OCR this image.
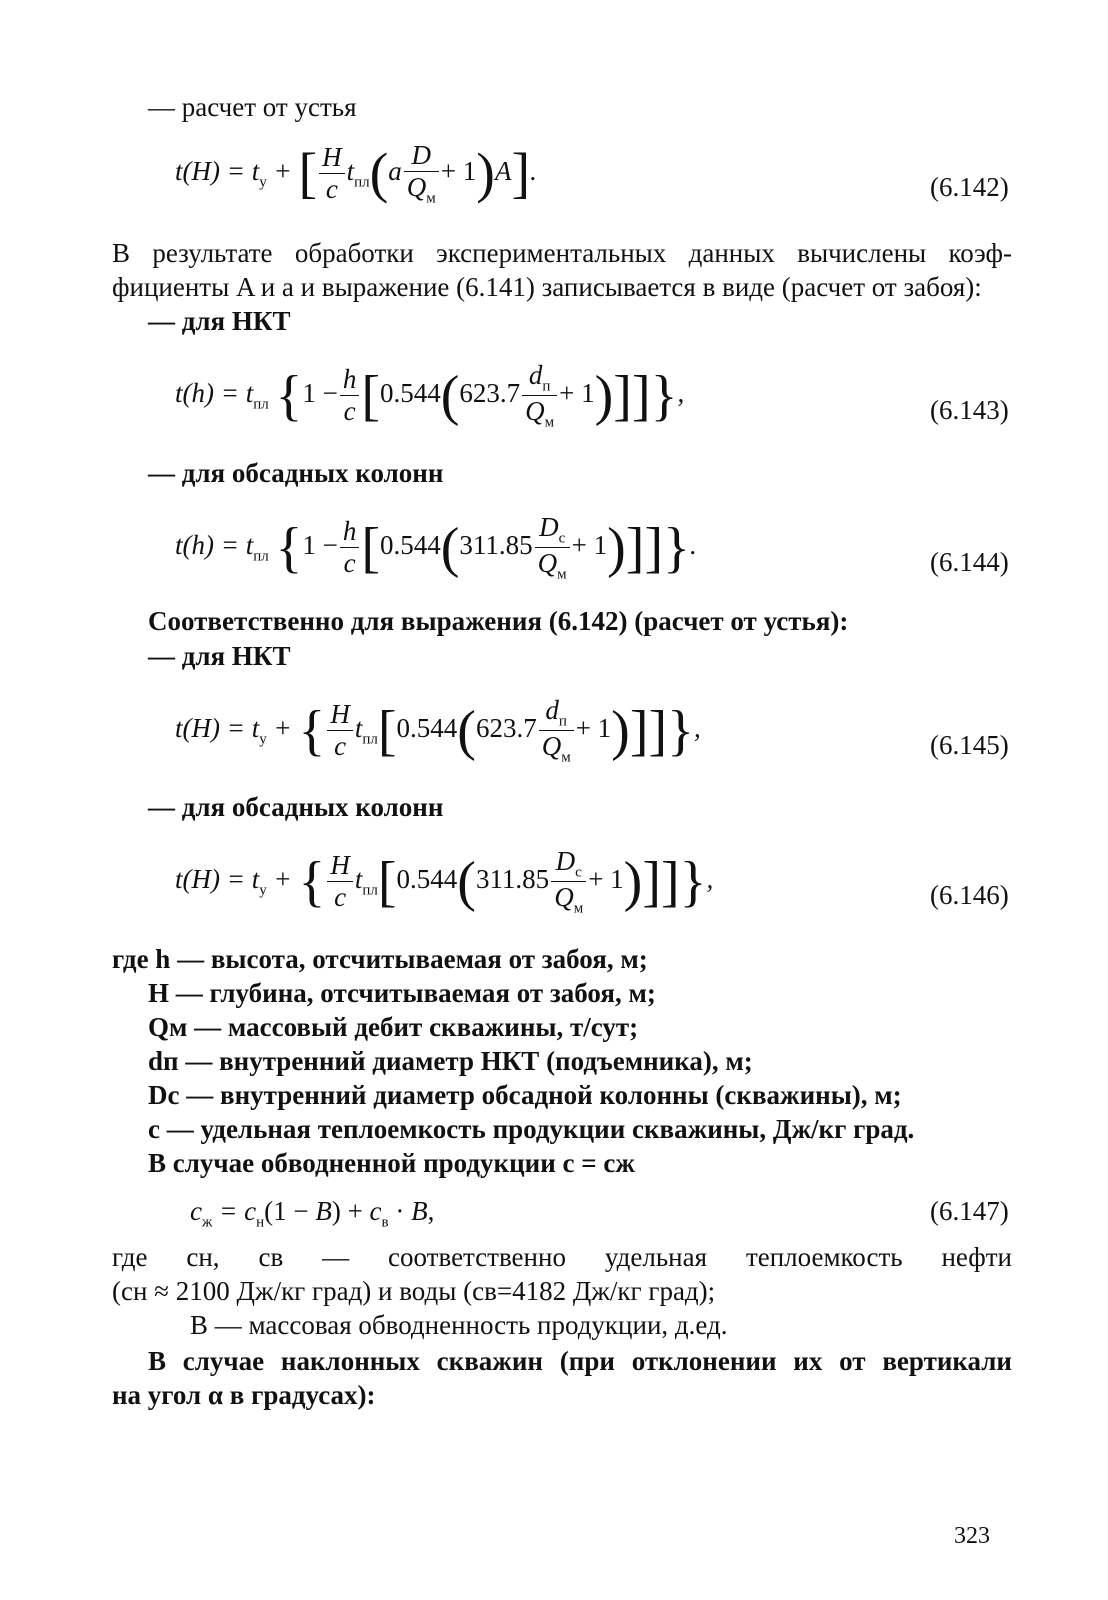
— расчет от устья
$t(H) = t_у$ + [ $\frac{H}{c} t_{пл}(a \frac{D}{Q_м} + 1)A$].
(6.142)
В результате обработки экспериментальных данных вычислены коэф-
фициенты A и a и выражение (6.141) записывается в виде (расчет от забоя):
— для НКТ
$t(h) = t_{пл}$ $\{1 - \frac{h}{c} [0.544(623.7 \frac{d_п}{Q_м} + 1)]]$},
(6.143)
— для обсадных колонн
$t(h) = t_{пл}$ $\{1 - \frac{h}{c} [0.544(311.85 \frac{D_с}{Q_м} + 1)]]$}.
(6.144)
Соответственно для выражения (6.142) (расчет от устья):
— для НКТ
$t(H) = t_у$ + { $\frac{H}{c} t_{пл}[0.544(623.7 \frac{d_п}{Q_м} + 1)]$]},
(6.145)
— для обсадных колонн
$t(H) = t_у$ + { $\frac{H}{c} t_{пл}[0.544(311.85 \frac{D_с}{Q_м} + 1)]$]},
(6.146)
где h — высота, отсчитываемая от забоя, м;
H — глубина, отсчитываемая от забоя, м;
Qм — массовый дебит скважины, т/сут;
dп — внутренний диаметр НКТ (подъемника), м;
Dс — внутренний диаметр обсадной колонны (скважины), м;
c — удельная теплоемкость продукции скважины, Дж/кг град.
В случае обводненной продукции c = cж
$c_ж = c_н(1 - B) + c_в \cdot B$,	(6.147)
где cн, cв — соответственно удельная теплоемкость нефти
(cн ≈ 2100 Дж/кг град) и воды (cв=4182 Дж/кг град);
B — массовая обводненность продукции, д.ед.
В случае наклонных скважин (при отклонении их от вертикали
на угол α в градусах):
323
